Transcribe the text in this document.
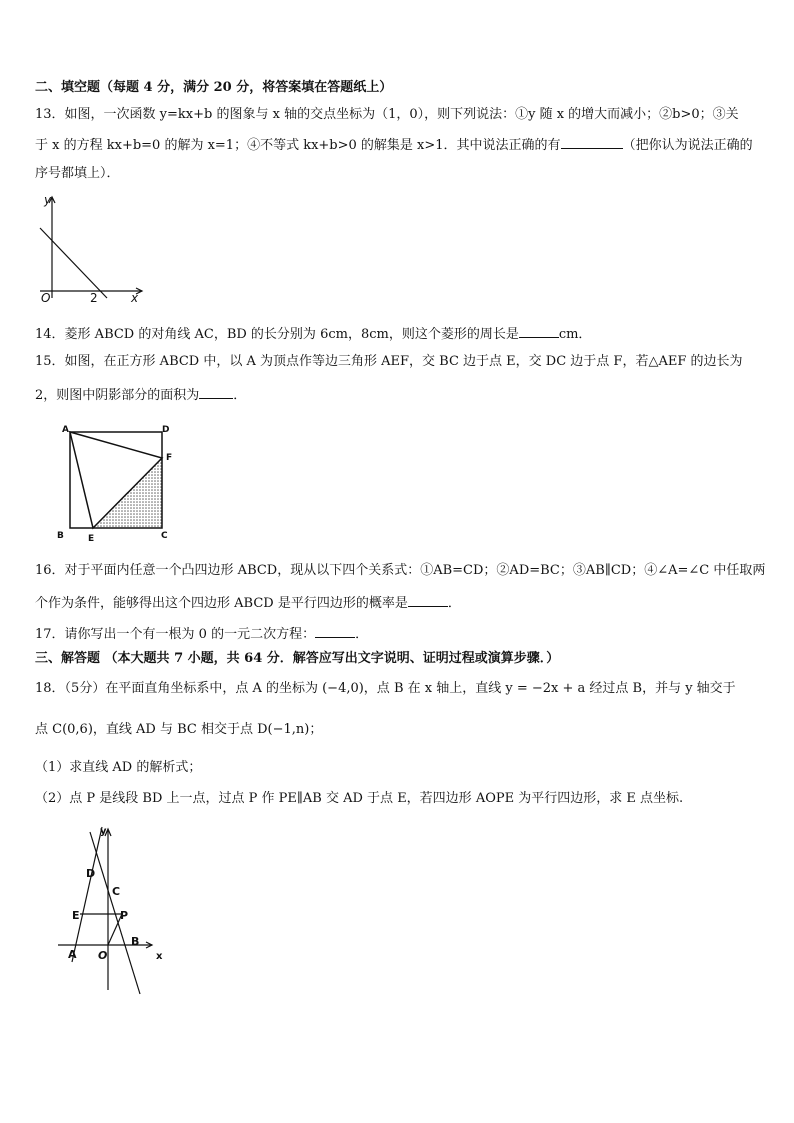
二、填空题（每题 4 分，满分 20 分，将答案填在答题纸上）
13．如图，一次函数 y=kx+b 的图象与 x 轴的交点坐标为（1，0），则下列说法：①y 随 x 的增大而减小；②b>0；③关
于 x 的方程 kx+b=0 的解为 x=1；④不等式 kx+b>0 的解集是 x>1．其中说法正确的有	（把你认为说法正确的
序号都填上）．
y
x
O	2
14．菱形 ABCD 的对角线 AC，BD 的长分别为 6cm，8cm，则这个菱形的周长是	cm．
15．如图，在正方形 ABCD 中，以 A 为顶点作等边三角形 AEF，交 BC 边于点 E，交 DC 边于点 F，若△AEF 的边长为
2，则图中阴影部分的面积为	．
A
B	C
D
E
F
16．对于平面内任意一个凸四边形 ABCD，现从以下四个关系式：①AB=CD；②AD=BC；③AB∥CD；④∠A=∠C 中任取两
个作为条件，能够得出这个四边形 ABCD 是平行四边形的概率是	．
17．请你写出一个有一根为 0 的一元二次方程：	．
三、解答题 （本大题共 7 小题，共 64 分．解答应写出文字说明、证明过程或演算步骤．）
18．（5分）在平面直角坐标系中，点 A 的坐标为 (−4,0)，点 B 在 x 轴上，直线 y = −2x + a 经过点 B，并与 y 轴交于
点 C(0,6)，直线 AD 与 BC 相交于点 D(−1,n)；
（1）求直线 AD 的解析式；
（2）点 P 是线段 BD 上一点，过点 P 作 PE∥AB 交 AD 于点 E，若四边形 AOPE 为平行四边形，求 E 点坐标.
y
x
D
C
E	P
A O
B
